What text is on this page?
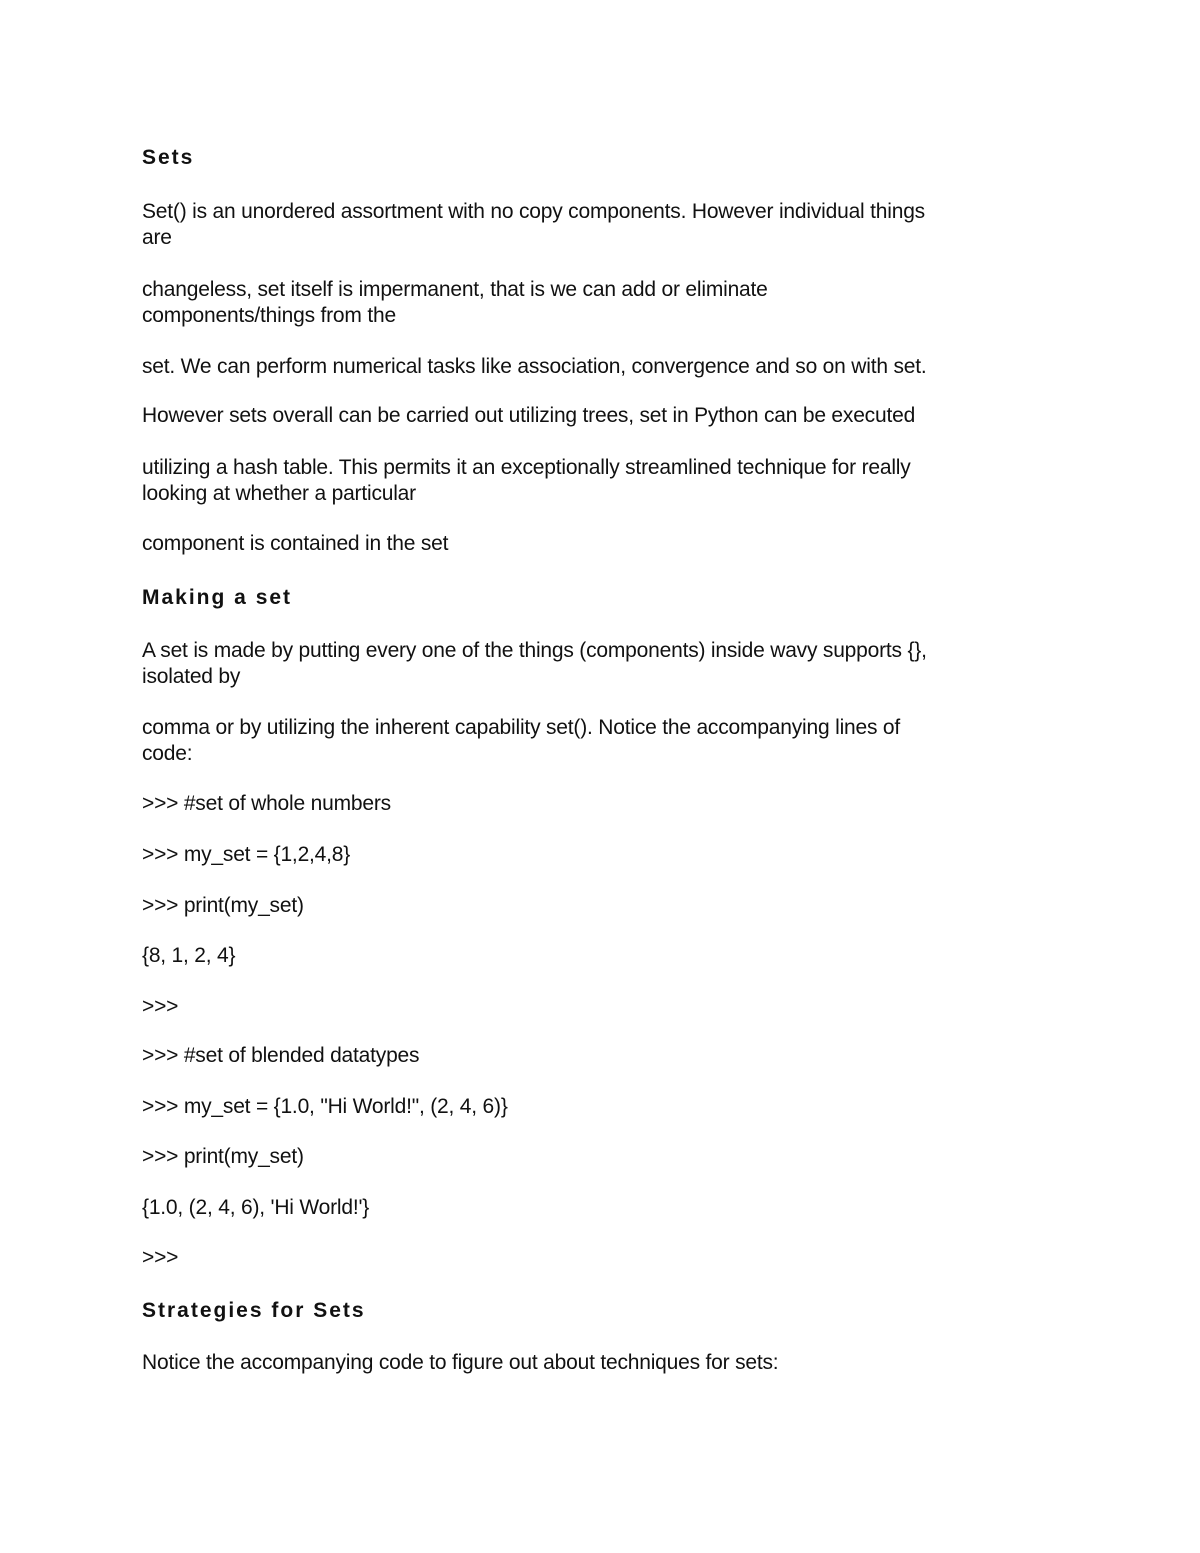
Sets
Set() is an unordered assortment with no copy components. However individual things
are
changeless, set itself is impermanent, that is we can add or eliminate
components/things from the
set. We can perform numerical tasks like association, convergence and so on with set.
However sets overall can be carried out utilizing trees, set in Python can be executed
utilizing a hash table. This permits it an exceptionally streamlined technique for really
looking at whether a particular
component is contained in the set
Making a set
A set is made by putting every one of the things (components) inside wavy supports {},
isolated by
comma or by utilizing the inherent capability set(). Notice the accompanying lines of
code:
>>> #set of whole numbers
>>> my_set = {1,2,4,8}
>>> print(my_set)
{8, 1, 2, 4}
>>>
>>> #set of blended datatypes
>>> my_set = {1.0, "Hi World!", (2, 4, 6)}
>>> print(my_set)
{1.0, (2, 4, 6), 'Hi World!'}
>>>
Strategies for Sets
Notice the accompanying code to figure out about techniques for sets:
